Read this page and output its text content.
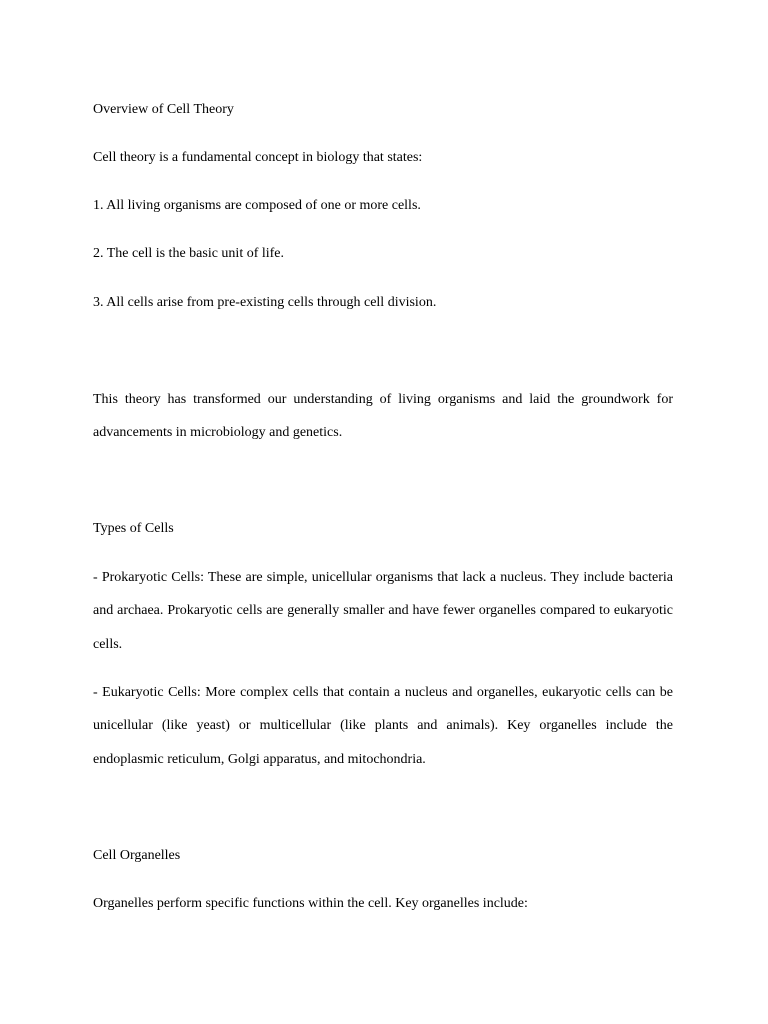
Overview of Cell Theory

Cell theory is a fundamental concept in biology that states:

1. All living organisms are composed of one or more cells.

2. The cell is the basic unit of life.

3. All cells arise from pre-existing cells through cell division.

This theory has transformed our understanding of living organisms and laid the groundwork for advancements in microbiology and genetics.

Types of Cells

- Prokaryotic Cells: These are simple, unicellular organisms that lack a nucleus. They include bacteria and archaea. Prokaryotic cells are generally smaller and have fewer organelles compared to eukaryotic cells.

- Eukaryotic Cells: More complex cells that contain a nucleus and organelles, eukaryotic cells can be unicellular (like yeast) or multicellular (like plants and animals). Key organelles include the endoplasmic reticulum, Golgi apparatus, and mitochondria.

Cell Organelles

Organelles perform specific functions within the cell. Key organelles include:
